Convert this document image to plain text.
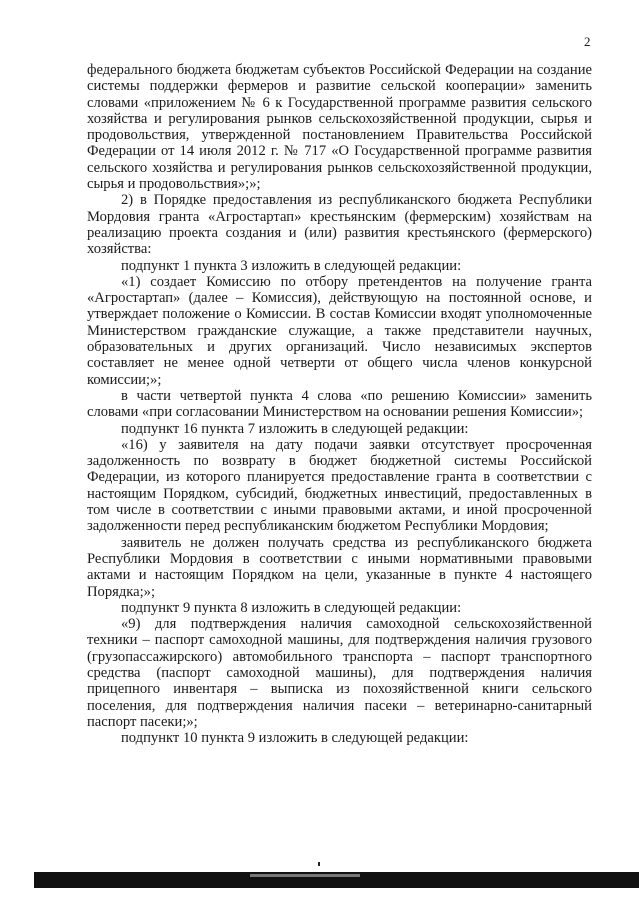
2

федерального бюджета бюджетам субъектов Российской Федерации на создание системы поддержки фермеров и развитие сельской кооперации» заменить словами «приложением № 6 к Государственной программе развития сельского хозяйства и регулирования рынков сельскохозяйственной продукции, сырья и продовольствия, утвержденной постановлением Правительства Российской Федерации от 14 июля 2012 г. № 717 «О Государственной программе развития сельского хозяйства и регулирования рынков сельскохозяйственной продукции, сырья и продовольствия»;»;

2) в Порядке предоставления из республиканского бюджета Республики Мордовия гранта «Агростартап» крестьянским (фермерским) хозяйствам на реализацию проекта создания и (или) развития крестьянского (фермерского) хозяйства:

подпункт 1 пункта 3 изложить в следующей редакции:

«1) создает Комиссию по отбору претендентов на получение гранта «Агростартап» (далее – Комиссия), действующую на постоянной основе, и утверждает положение о Комиссии. В состав Комиссии входят уполномоченные Министерством гражданские служащие, а также представители научных, образовательных и других организаций. Число независимых экспертов составляет не менее одной четверти от общего числа членов конкурсной комиссии;»;

в части четвертой пункта 4 слова «по решению Комиссии» заменить словами «при согласовании Министерством на основании решения Комиссии»;

подпункт 16 пункта 7 изложить в следующей редакции:

«16) у заявителя на дату подачи заявки отсутствует просроченная задолженность по возврату в бюджет бюджетной системы Российской Федерации, из которого планируется предоставление гранта в соответствии с настоящим Порядком, субсидий, бюджетных инвестиций, предоставленных в том числе в соответствии с иными правовыми актами, и иной просроченной задолженности перед республиканским бюджетом Республики Мордовия;

заявитель не должен получать средства из республиканского бюджета Республики Мордовия в соответствии с иными нормативными правовыми актами и настоящим Порядком на цели, указанные в пункте 4 настоящего Порядка;»;

подпункт 9 пункта 8 изложить в следующей редакции:

«9) для подтверждения наличия самоходной сельскохозяйственной техники – паспорт самоходной машины, для подтверждения наличия грузового (грузопассажирского) автомобильного транспорта – паспорт транспортного средства (паспорт самоходной машины), для подтверждения наличия прицепного инвентаря – выписка из похозяйственной книги сельского поселения, для подтверждения наличия пасеки – ветеринарно-санитарный паспорт пасеки;»;

подпункт 10 пункта 9 изложить в следующей редакции:
